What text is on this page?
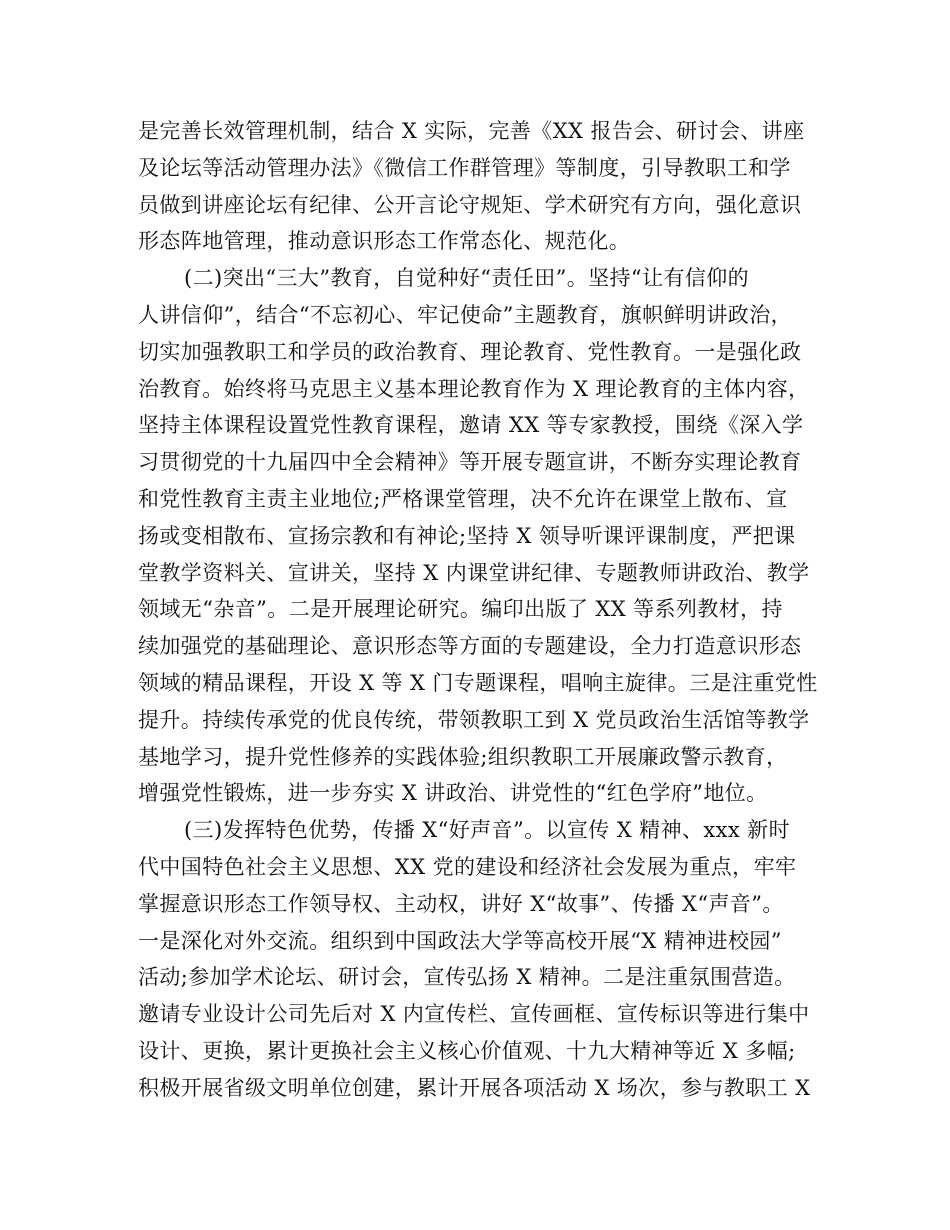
是完善长效管理机制，结合 X 实际，完善《XX 报告会、研讨会、讲座
及论坛等活动管理办法》《微信工作群管理》等制度，引导教职工和学
员做到讲座论坛有纪律、公开言论守规矩、学术研究有方向，强化意识
形态阵地管理，推动意识形态工作常态化、规范化。
(二)突出“三大”教育，自觉种好“责任田”。坚持“让有信仰的
人讲信仰”，结合“不忘初心、牢记使命”主题教育，旗帜鲜明讲政治，
切实加强教职工和学员的政治教育、理论教育、党性教育。一是强化政
治教育。始终将马克思主义基本理论教育作为 X 理论教育的主体内容，
坚持主体课程设置党性教育课程，邀请 XX 等专家教授，围绕《深入学
习贯彻党的十九届四中全会精神》等开展专题宣讲，不断夯实理论教育
和党性教育主责主业地位;严格课堂管理，决不允许在课堂上散布、宣
扬或变相散布、宣扬宗教和有神论;坚持 X 领导听课评课制度，严把课
堂教学资料关、宣讲关，坚持 X 内课堂讲纪律、专题教师讲政治、教学
领域无“杂音”。二是开展理论研究。编印出版了 XX 等系列教材，持
续加强党的基础理论、意识形态等方面的专题建设，全力打造意识形态
领域的精品课程，开设 X 等 X 门专题课程，唱响主旋律。三是注重党性
提升。持续传承党的优良传统，带领教职工到 X 党员政治生活馆等教学
基地学习，提升党性修养的实践体验;组织教职工开展廉政警示教育，
增强党性锻炼，进一步夯实 X 讲政治、讲党性的“红色学府”地位。
(三)发挥特色优势，传播 X“好声音”。以宣传 X 精神、xxx 新时
代中国特色社会主义思想、XX 党的建设和经济社会发展为重点，牢牢
掌握意识形态工作领导权、主动权，讲好 X“故事”、传播 X“声音”。
一是深化对外交流。组织到中国政法大学等高校开展“X 精神进校园”
活动;参加学术论坛、研讨会，宣传弘扬 X 精神。二是注重氛围营造。
邀请专业设计公司先后对 X 内宣传栏、宣传画框、宣传标识等进行集中
设计、更换，累计更换社会主义核心价值观、十九大精神等近 X 多幅;
积极开展省级文明单位创建，累计开展各项活动 X 场次，参与教职工 X
